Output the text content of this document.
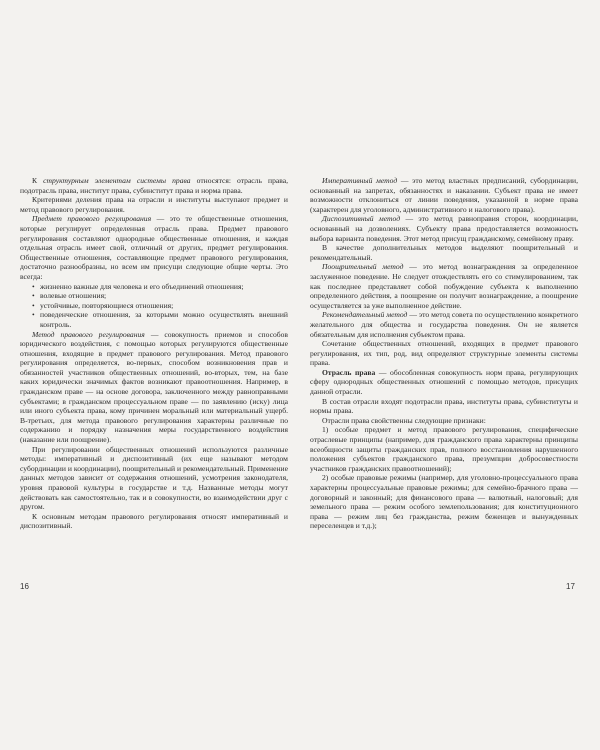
К структурным элементам системы права относятся: отрасль права, подотрасль права, институт права, субинститут права и норма права.

Критериями деления права на отрасли и институты выступают предмет и метод правового регулирования.

Предмет правового регулирования — это те общественные отношения, которые регулирует определенная отрасль права. Предмет правового регулирования составляют однородные общественные отношения, и каждая отдельная отрасль имеет свой, отличный от других, предмет регулирования. Общественные отношения, составляющие предмет правового регулирования, достаточно разнообразны, но всем им присущи следующие общие черты. Это всегда:

• жизненно важные для человека и его объединений отношения;
• волевые отношения;
• устойчивые, повторяющиеся отношения;
• поведенческие отношения, за которыми можно осуществлять внешний контроль.

Метод правового регулирования — совокупность приемов и способов юридического воздействия, с помощью которых регулируются общественные отношения, входящие в предмет правового регулирования. Метод правового регулирования определяется, во-первых, способом возникновения прав и обязанностей участников общественных отношений, во-вторых, тем, на базе каких юридически значимых фактов возникают правоотношения. Например, в гражданском праве — на основе договора, заключенного между равноправными субъектами; в гражданском процессуальном праве — по заявлению (иску) лица или иного субъекта права, кому причинен моральный или материальный ущерб. В-третьих, для метода правового регулирования характерны различные по содержанию и порядку назначения меры государственного воздействия (наказание или поощрение).

При регулировании общественных отношений используются различные методы: императивный и диспозитивный (их еще называют методом субординации и координации), поощрительный и рекомендательный. Применение данных методов зависит от содержания отношений, усмотрения законодателя, уровня правовой культуры в государстве и т.д. Названные методы могут действовать как самостоятельно, так и в совокупности, во взаимодействии друг с другом.

К основным методам правового регулирования относят императивный и диспозитивный.

Императивный метод — это метод властных предписаний, субординации, основанный на запретах, обязанностях и наказании. Субъект права не имеет возможности отклониться от линии поведения, указанной в норме права (характерен для уголовного, административного и налогового права).

Диспозитивный метод — это метод равноправия сторон, координации, основанный на дозволениях. Субъекту права предоставляется возможность выбора варианта поведения. Этот метод присущ гражданскому, семейному праву.

В качестве дополнительных методов выделяют поощрительный и рекомендательный.

Поощрительный метод — это метод вознаграждения за определенное заслуженное поведение. Не следует отождествлять его со стимулированием, так как последнее представляет собой побуждение субъекта к выполнению определенного действия, а поощрение он получит вознаграждение, а поощрение осуществляется за уже выполненное действие.

Рекомендательный метод — это метод совета по осуществлению конкретного желательного для общества и государства поведения. Он не является обязательным для исполнения субъектом права.

Сочетание общественных отношений, входящих в предмет правового регулирования, их тип, род, вид определяют структурные элементы системы права.

Отрасль права — обособленная совокупность норм права, регулирующих сферу однородных общественных отношений с помощью методов, присущих данной отрасли.

В состав отрасли входят подотрасли права, институты права, субинституты и нормы права.

Отрасли права свойственны следующие признаки:

1) особые предмет и метод правового регулирования, специфические отраслевые принципы (например, для гражданского права характерны принципы всеобщности защиты гражданских прав, полного восстановления нарушенного положения субъектов гражданского права, презумпции добросовестности участников гражданских правоотношений);

2) особые правовые режимы (например, для уголовно-процессуального права характерны процессуальные правовые режимы; для семейно-брачного права — договорный и законный; для финансового права — валютный, налоговый; для земельного права — режим особого землепользования; для конституционного права — режим лиц без гражданства, режим беженцев и вынужденных переселенцев и т.д.);

16	17
